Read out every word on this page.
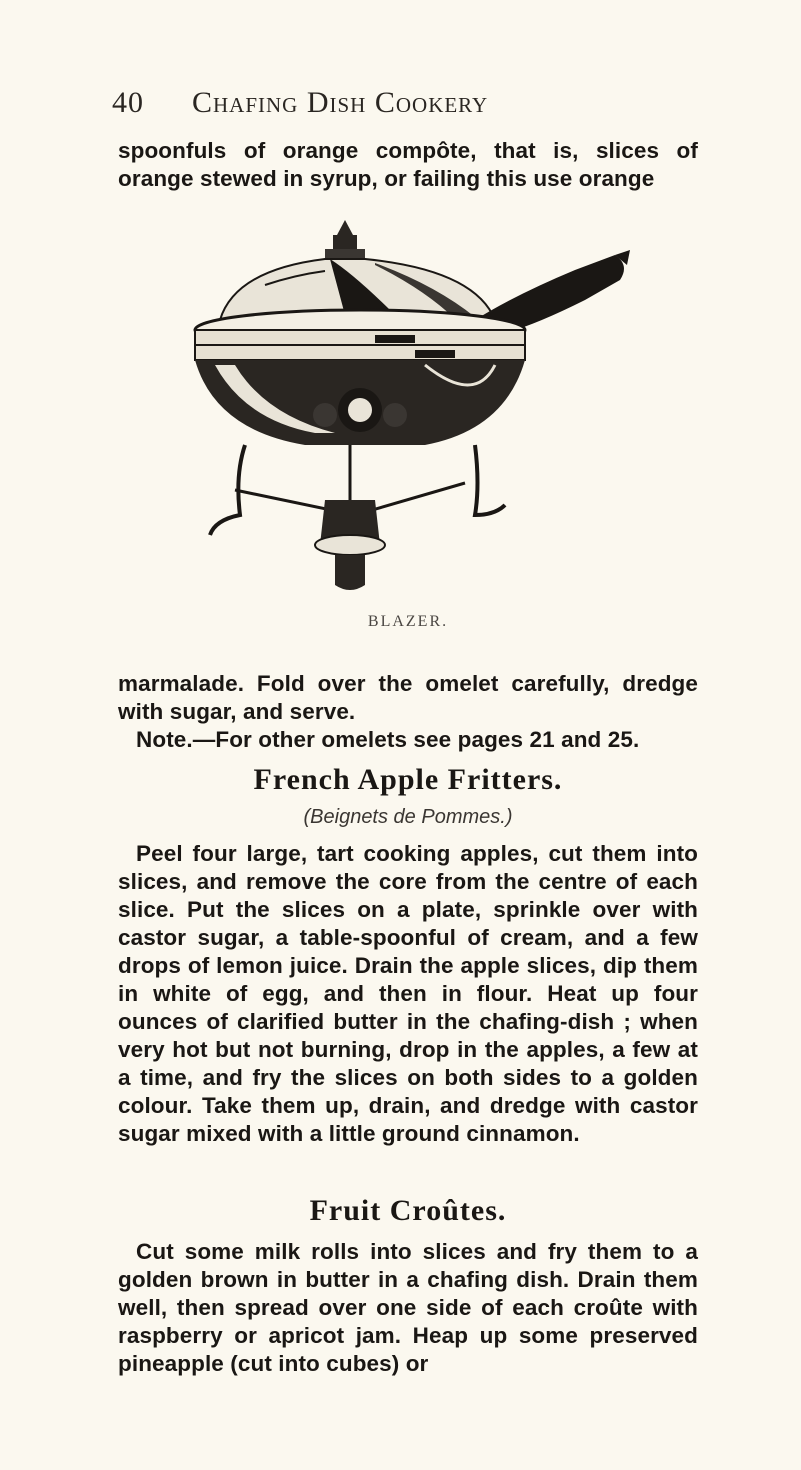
40 Chafing Dish Cookery

spoonfuls of orange compôte, that is, slices of orange stewed in syrup, or failing this use orange

BLAZER.

marmalade. Fold over the omelet carefully, dredge with sugar, and serve.

Note.—For other omelets see pages 21 and 25.

French Apple Fritters.
(Beignets de Pommes.)

Peel four large, tart cooking apples, cut them into slices, and remove the core from the centre of each slice. Put the slices on a plate, sprinkle over with castor sugar, a table-spoonful of cream, and a few drops of lemon juice. Drain the apple slices, dip them in white of egg, and then in flour. Heat up four ounces of clarified butter in the chafing-dish ; when very hot but not burning, drop in the apples, a few at a time, and fry the slices on both sides to a golden colour. Take them up, drain, and dredge with castor sugar mixed with a little ground cinnamon.

Fruit Croûtes.

Cut some milk rolls into slices and fry them to a golden brown in butter in a chafing dish. Drain them well, then spread over one side of each croûte with raspberry or apricot jam. Heap up some preserved pineapple (cut into cubes) or
